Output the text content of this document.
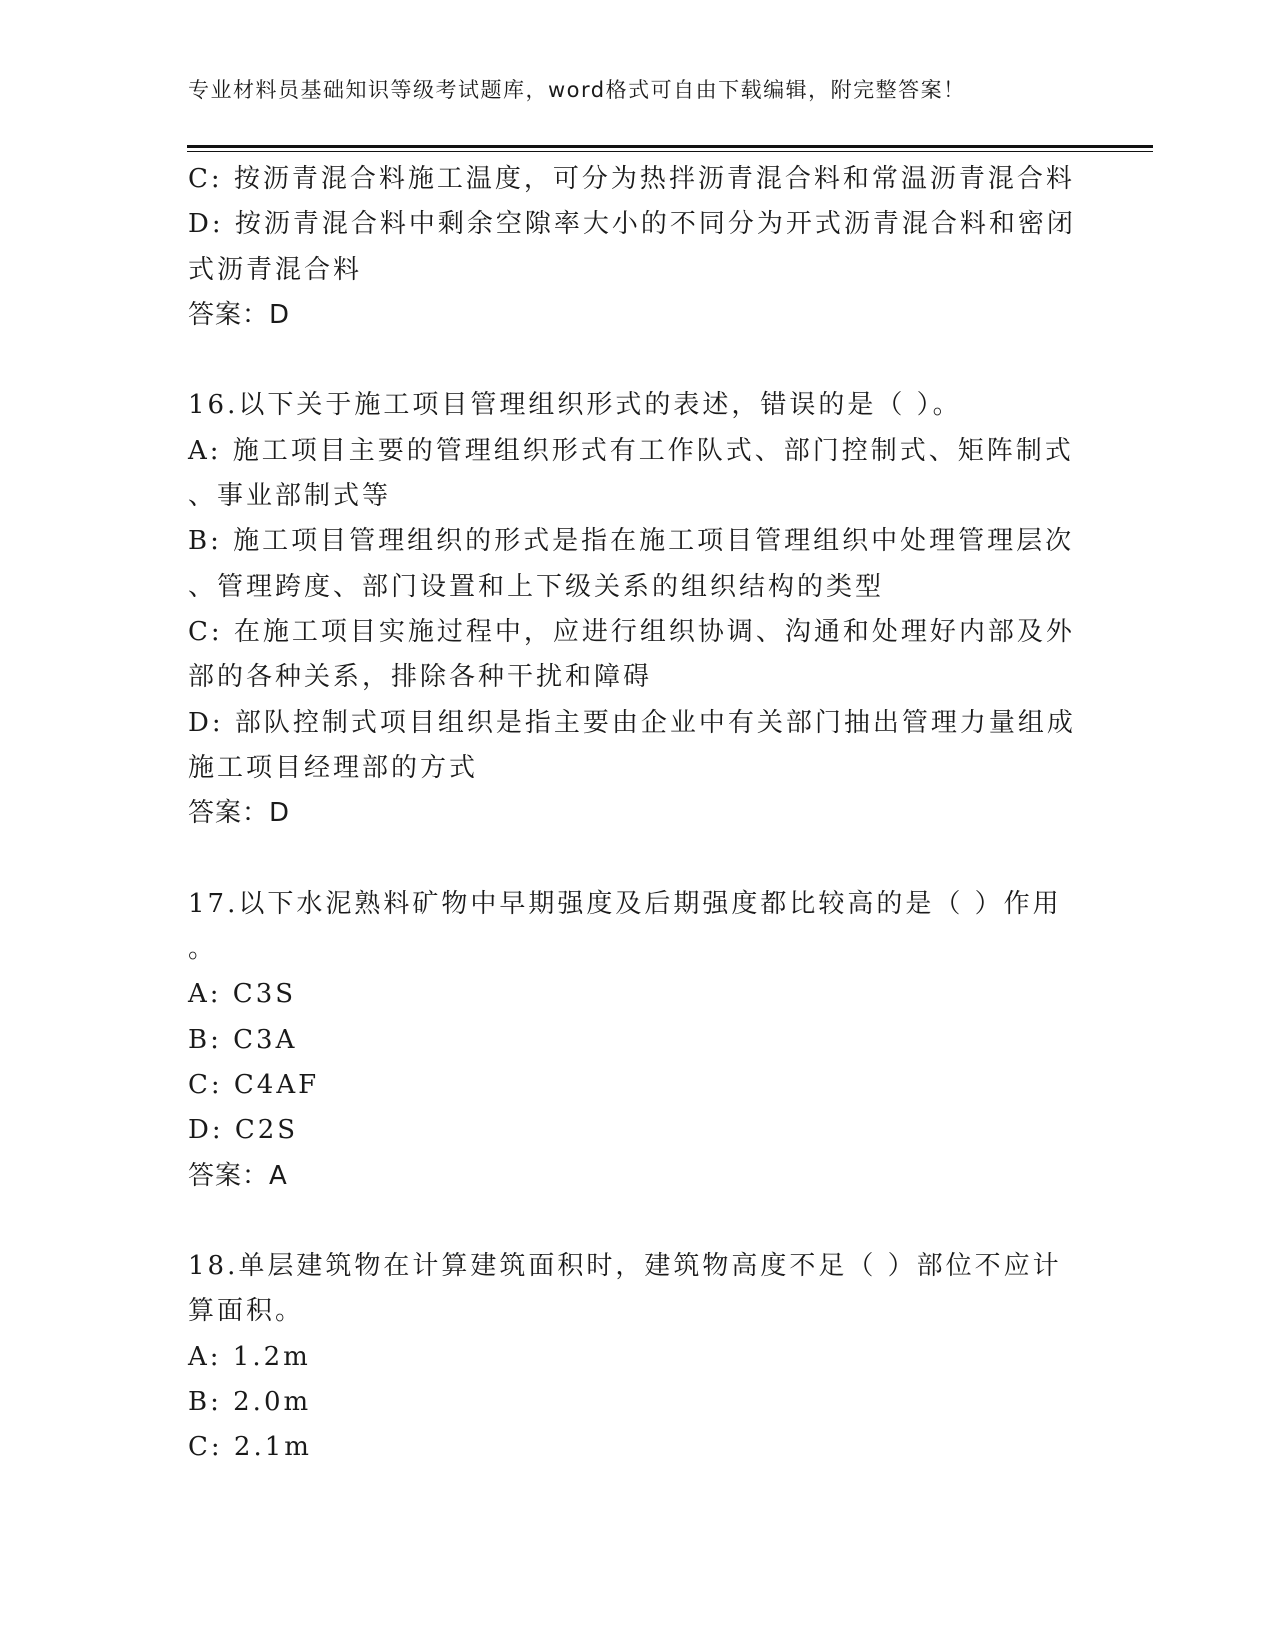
专业材料员基础知识等级考试题库，word格式可自由下载编辑，附完整答案！
C: 按沥青混合料施工温度，可分为热拌沥青混合料和常温沥青混合料
D: 按沥青混合料中剩余空隙率大小的不同分为开式沥青混合料和密闭
式沥青混合料
答案：D
16.以下关于施工项目管理组织形式的表述，错误的是（ ）。
A: 施工项目主要的管理组织形式有工作队式、部门控制式、矩阵制式
、事业部制式等
B: 施工项目管理组织的形式是指在施工项目管理组织中处理管理层次
、管理跨度、部门设置和上下级关系的组织结构的类型
C: 在施工项目实施过程中，应进行组织协调、沟通和处理好内部及外
部的各种关系，排除各种干扰和障碍
D: 部队控制式项目组织是指主要由企业中有关部门抽出管理力量组成
施工项目经理部的方式
答案：D
17.以下水泥熟料矿物中早期强度及后期强度都比较高的是（ ）作用
。
A: C3S
B: C3A
C: C4AF
D: C2S
答案：A
18.单层建筑物在计算建筑面积时，建筑物高度不足（ ）部位不应计
算面积。
A: 1.2m
B: 2.0m
C: 2.1m
